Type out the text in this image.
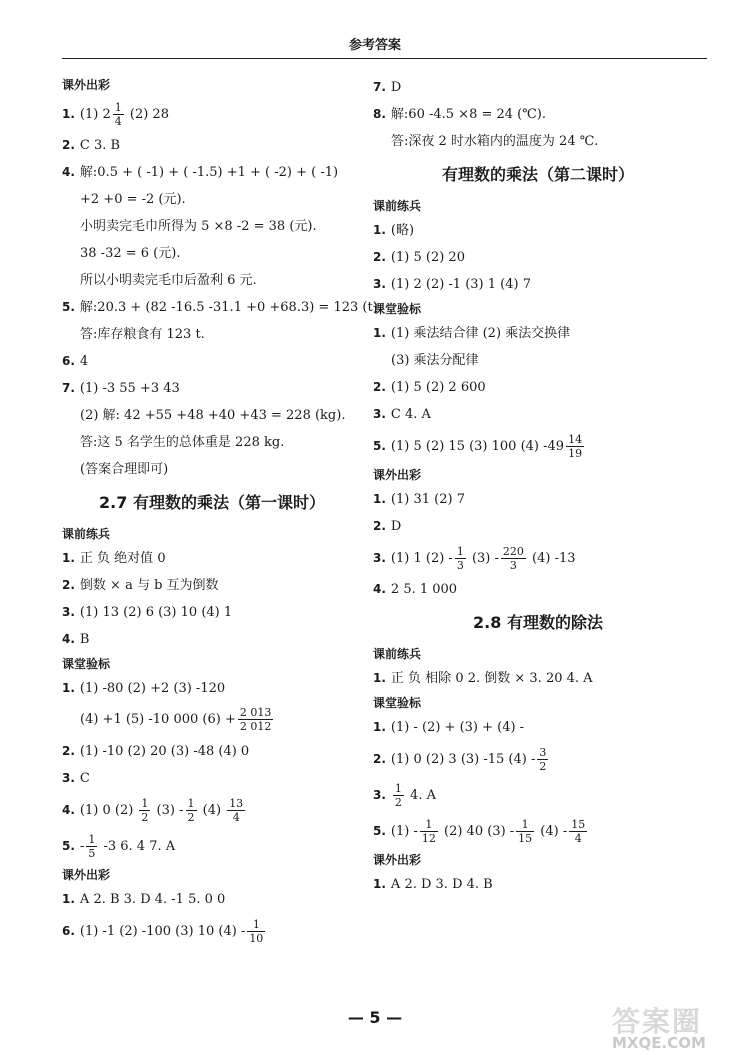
参考答案
课外出彩
1. (1) $2 \frac{1}{4} (2)$ 28
2. C 3. B
4. 解:0.5 + ( -1) + ( -1.5) +1 + ( -2) + ( -1)
+2 +0 = -2 (元).
小明卖完毛巾所得为 5 ×8 -2 = 38 (元).
38 -32 = 6 (元).
所以小明卖完毛巾后盈利 6 元.
5. 解:20.3 + (82 -16.5 -31.1 +0 +68.3) = 123 (t).
答:库存粮食有 123 t.
6. 4
7. (1) -3 55 +3 43
(2) 解: 42 +55 +48 +40 +43 = 228 (kg).
答:这 5 名学生的总体重是 228 kg.
(答案合理即可)
2.7 有理数的乘法（第一课时）
课前练兵
1. 正 负 绝对值 0
2. 倒数 × a 与 b 互为倒数
3. (1) 13 (2) 6 (3) 10 (4) 1
4. B
课堂验标
1. (1) -80 (2) +2 (3) -120
(4) +1 (5) -10 000 $(6) + \frac{2 013}{2 012}$
2. (1) -10 (2) 20 (3) -48 (4) 0
3. C
4. (1) 0 $(2) \frac{1}{2} (3) - \frac{1}{2} (4) \frac{13}{4}$
5. - $\frac{1}{5} -3$ 6. 4 7. A
课外出彩
1. A 2. B 3. D 4. -1 5. 0 0
6. (1) -1 (2) -100 (3) 10 $(4) - \frac{1}{10}$
7. D
8. 解:60 -4.5 ×8 = 24 (℃).
答:深夜 2 时水箱内的温度为 24 ℃.
有理数的乘法（第二课时）
课前练兵
1. (略)
2. (1) 5 (2) 20
3. (1) 2 (2) -1 (3) 1 (4) 7
课堂验标
1. (1) 乘法结合律 (2) 乘法交换律
(3) 乘法分配律
2. (1) 5 (2) 2 600
3. C 4. A
5. (1) 5 (2) 15 (3) 100 (4) $-49 \frac{14}{19}$
课外出彩
1. (1) 31 (2) 7
2. D
3. (1) 1 $(2) - \frac{1}{3} (3) - \frac{220}{3} (4)$ -13
4. 2 5. 1 000
2.8 有理数的除法
课前练兵
1. 正 负 相除 0 2. 倒数 × 3. 20 4. A
课堂验标
1. (1) - (2) + (3) + (4) -
2. (1) 0 (2) 3 (3) -15 $(4) - \frac{3}{2}$
3. $\frac{1}{2} 4$. A
5. $(1) - \frac{1}{12} (2)$ 40 $(3) - \frac{1}{15} (4) - \frac{15}{4}$
课外出彩
1. A 2. D 3. D 4. B
— 5 —	答案圈
MXQE.COM
